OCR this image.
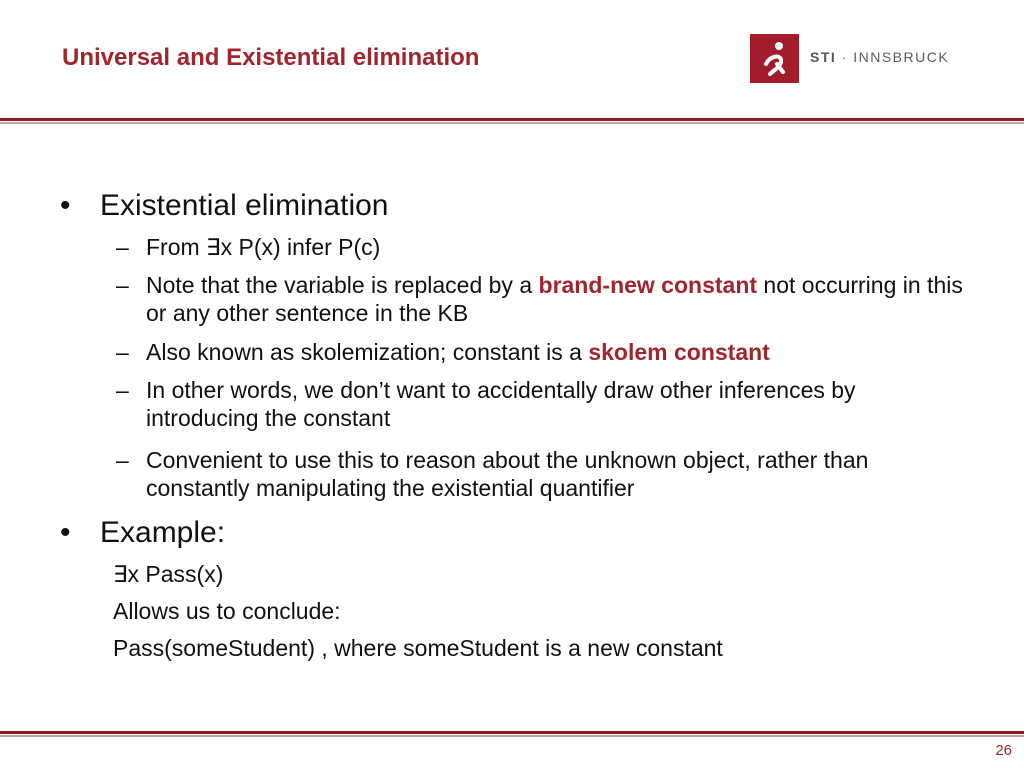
Universal and Existential elimination	STI · INNSBRUCK
• Existential elimination
– From ∃x P(x) infer P(c)
– Note that the variable is replaced by a brand-new constant not occurring in this or any other sentence in the KB
– Also known as skolemization; constant is a skolem constant
– In other words, we don’t want to accidentally draw other inferences by introducing the constant
– Convenient to use this to reason about the unknown object, rather than constantly manipulating the existential quantifier
• Example:
∃x Pass(x)
Allows us to conclude:
Pass(someStudent) , where someStudent is a new constant
26
